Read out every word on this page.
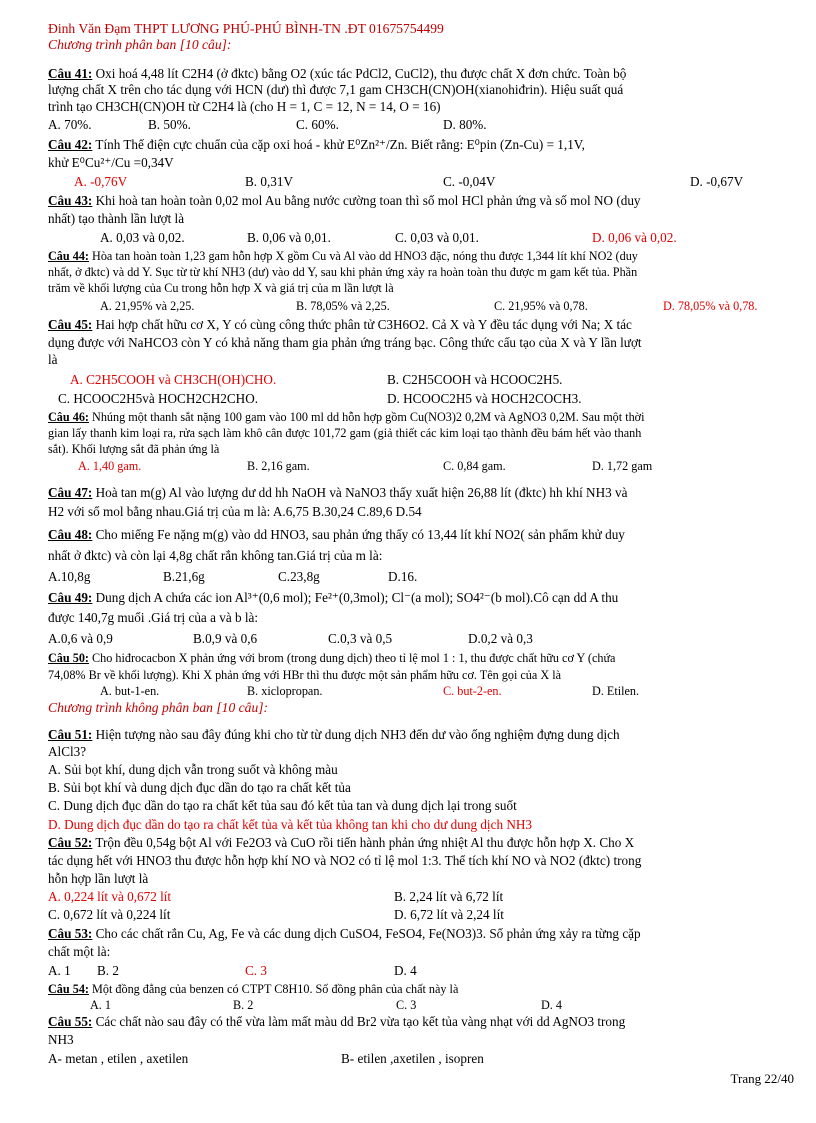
Đinh Văn Đạm THPT LƯƠNG PHÚ-PHÚ BÌNH-TN .ĐT 01675754499
Chương trình phân ban [10 câu]:
Câu 41: Oxi hoá 4,48 lít C2H4 (ở đktc) bằng O2 (xúc tác PdCl2, CuCl2), thu được chất X đơn chức. Toàn bộ
lượng chất X trên cho tác dụng với HCN (dư) thì được 7,1 gam CH3CH(CN)OH(xianohiđrin). Hiệu suất quá
trình tạo CH3CH(CN)OH từ C2H4 là (cho H = 1, C = 12, N = 14, O = 16)
A. 70%.	B. 50%.	C. 60%.	D. 80%.
Câu 42: Tính Thế điện cực chuẩn của cặp oxi hoá - khử E⁰Zn²⁺/Zn. Biết rằng: E⁰pin (Zn-Cu) = 1,1V,
khử E⁰Cu²⁺/Cu =0,34V
A. -0,76V	B. 0,31V	C. -0,04V	D. -0,67V
Câu 43: Khi hoà tan hoàn toàn 0,02 mol Au bằng nước cường toan thì số mol HCl phản ứng và số mol NO (duy
nhất) tạo thành lần lượt là
A. 0,03 và 0,02.	B. 0,06 và 0,01.	C. 0,03 và 0,01.	D. 0,06 và 0,02.
Câu 44: Hòa tan hoàn toàn 1,23 gam hỗn hợp X gồm Cu và Al vào dd HNO3 đặc, nóng thu được 1,344 lít khí NO2 (duy
nhất, ở đktc) và dd Y. Sục từ từ khí NH3 (dư) vào dd Y, sau khi phản ứng xảy ra hoàn toàn thu được m gam kết tủa. Phần
trăm về khối lượng của Cu trong hỗn hợp X và giá trị của m lần lượt là
A. 21,95% và 2,25.	B. 78,05% và 2,25.	C. 21,95% và 0,78.	D. 78,05% và 0,78.
Câu 45: Hai hợp chất hữu cơ X, Y có cùng công thức phân tử C3H6O2. Cả X và Y đều tác dụng với Na; X tác
dụng được với NaHCO3 còn Y có khả năng tham gia phản ứng tráng bạc. Công thức cấu tạo của X và Y lần lượt
là
A. C2H5COOH và CH3CH(OH)CHO.	B. C2H5COOH và HCOOC2H5.
C. HCOOC2H5và HOCH2CH2CHO.	D. HCOOC2H5 và HOCH2COCH3.
Câu 46: Nhúng một thanh sắt nặng 100 gam vào 100 ml dd hỗn hợp gồm Cu(NO3)2 0,2M và AgNO3 0,2M. Sau một thời
gian lấy thanh kim loại ra, rửa sạch làm khô cân được 101,72 gam (giả thiết các kim loại tạo thành đều bám hết vào thanh
sắt). Khối lượng sắt đã phản ứng là
A. 1,40 gam.	B. 2,16 gam.	C. 0,84 gam.	D. 1,72 gam
Câu 47: Hoà tan m(g) Al vào lượng dư dd hh NaOH và NaNO3 thấy xuất hiện 26,88 lít (đktc) hh khí NH3 và
H2 với số mol bằng nhau.Giá trị của m là: A.6,75 B.30,24 C.89,6 D.54
Câu 48: Cho miếng Fe nặng m(g) vào dd HNO3, sau phản ứng thấy có 13,44 lít khí NO2( sản phẩm khử duy
nhất ở đktc) và còn lại 4,8g chất rắn không tan.Giá trị của m là:
A.10,8g	B.21,6g	C.23,8g	D.16.
Câu 49: Dung dịch A chứa các ion Al³⁺(0,6 mol); Fe²⁺(0,3mol); Cl⁻(a mol); SO4²⁻(b mol).Cô cạn dd A thu
được 140,7g muối .Giá trị của a và b là:
A.0,6 và 0,9	B.0,9 và 0,6	C.0,3 và 0,5	D.0,2 và 0,3
Câu 50: Cho hiđrocacbon X phản ứng với brom (trong dung dịch) theo tỉ lệ mol 1 : 1, thu được chất hữu cơ Y (chứa
74,08% Br về khối lượng). Khi X phản ứng với HBr thì thu được một sản phẩm hữu cơ. Tên gọi của X là
A. but-1-en.	B. xiclopropan.	C. but-2-en.	D. Etilen.
Chương trình không phân ban [10 câu]:
Câu 51: Hiện tượng nào sau đây đúng khi cho từ từ dung dịch NH3 đến dư vào ống nghiệm đựng dung dịch
AlCl3?
A. Sủi bọt khí, dung dịch vẫn trong suốt và không màu
B. Sủi bọt khí và dung dịch đục dần do tạo ra chất kết tủa
C. Dung dịch đục dần do tạo ra chất kết tủa sau đó kết tủa tan và dung dịch lại trong suốt
D. Dung dịch đục dần do tạo ra chất kết tủa và kết tủa không tan khi cho dư dung dịch NH3
Câu 52: Trộn đều 0,54g bột Al với Fe2O3 và CuO rồi tiến hành phản ứng nhiệt Al thu được hỗn hợp X. Cho X
tác dụng hết với HNO3 thu được hỗn hợp khí NO và NO2 có tỉ lệ mol 1:3. Thể tích khí NO và NO2 (đktc) trong
hỗn hợp lần lượt là
A. 0,224 lít và 0,672 lít	B. 2,24 lít và 6,72 lít
C. 0,672 lít và 0,224 lít	D. 6,72 lít và 2,24 lít
Câu 53: Cho các chất rắn Cu, Ag, Fe và các dung dịch CuSO4, FeSO4, Fe(NO3)3. Số phản ứng xảy ra từng cặp
chất một là:
A. 1 B. 2	C. 3	D. 4
Câu 54: Một đồng đẳng của benzen có CTPT C8H10. Số đồng phân của chất này là
A. 1	B. 2	C. 3	D. 4
Câu 55: Các chất nào sau đây có thể vừa làm mất màu dd Br2 vừa tạo kết tủa vàng nhạt với dd AgNO3 trong
NH3
A- metan , etilen , axetilen	B- etilen ,axetilen , isopren
Trang 22/40
